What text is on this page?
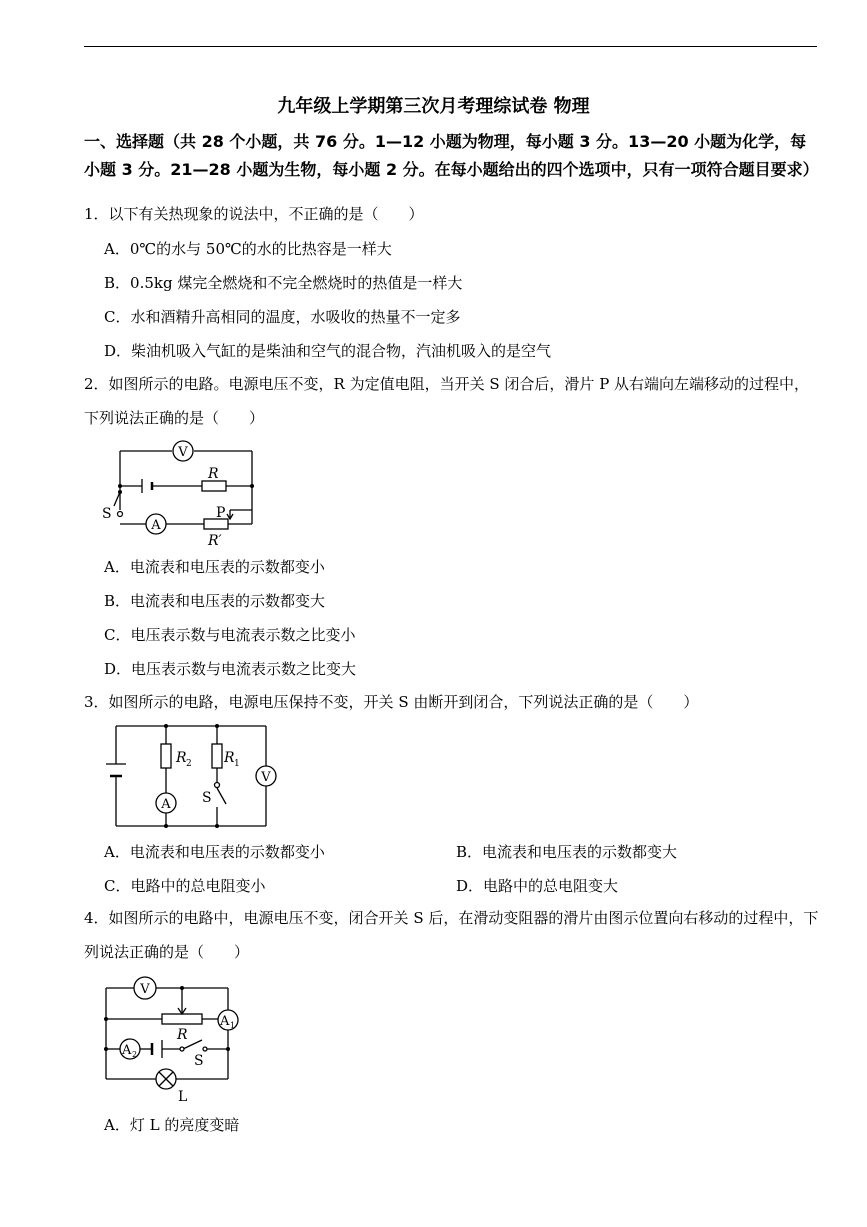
九年级上学期第三次月考理综试卷 物理
一、选择题（共 28 个小题，共 76 分。1—12 小题为物理，每小题 3 分。13—20 小题为化学，每小题 3 分。21—28 小题为生物，每小题 2 分。在每小题给出的四个选项中，只有一项符合题目要求）
1．以下有关热现象的说法中，不正确的是（　　）
A．0℃的水与 50℃的水的比热容是一样大
B．0.5kg 煤完全燃烧和不完全燃烧时的热值是一样大
C．水和酒精升高相同的温度，水吸收的热量不一定多
D．柴油机吸入气缸的是柴油和空气的混合物，汽油机吸入的是空气
2．如图所示的电路。电源电压不变，R 为定值电阻，当开关 S 闭合后，滑片 P 从右端向左端移动的过程中，下列说法正确的是（　　）
V
R
S
A
P
R′
A．电流表和电压表的示数都变小
B．电流表和电压表的示数都变大
C．电压表示数与电流表示数之比变小
D．电压表示数与电流表示数之比变大
3．如图所示的电路，电源电压保持不变，开关 S 由断开到闭合，下列说法正确的是（　　）
R 2 R 1
V
A S
A．电流表和电压表的示数都变小	B．电流表和电压表的示数都变大
C．电路中的总电阻变小	D．电路中的总电阻变大
4．如图所示的电路中，电源电压不变，闭合开关 S 后，在滑动变阻器的滑片由图示位置向右移动的过程中，下列说法正确的是（　　）
V
R
A 1
A 2	S
L
A．灯 L 的亮度变暗
